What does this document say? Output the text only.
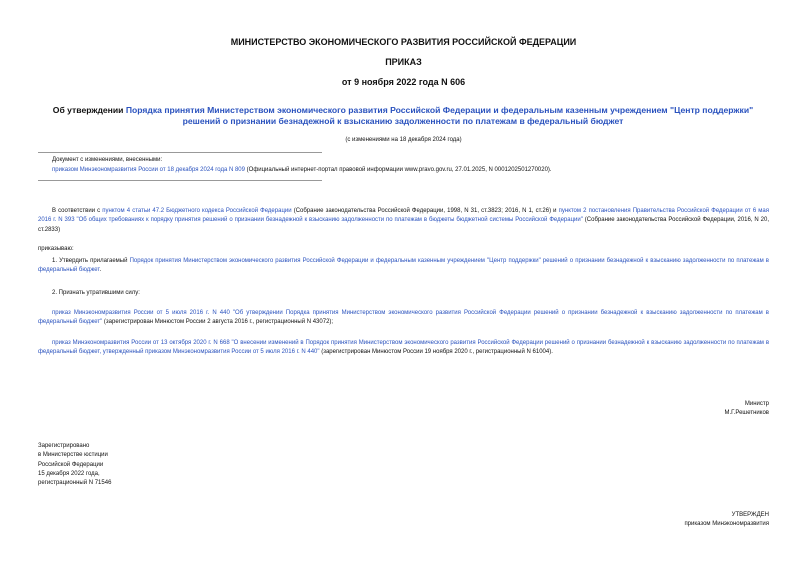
МИНИСТЕРСТВО ЭКОНОМИЧЕСКОГО РАЗВИТИЯ РОССИЙСКОЙ ФЕДЕРАЦИИ
ПРИКАЗ
от 9 ноября 2022 года N 606
Об утверждении Порядка принятия Министерством экономического развития Российской Федерации и федеральным казенным учреждением "Центр поддержки" решений о признании безнадежной к взысканию задолженности по платежам в федеральный бюджет
(с изменениями на 18 декабря 2024 года)
Документ с изменениями, внесенными:
приказом Минэкономразвития России от 18 декабря 2024 года N 809 (Официальный интернет-портал правовой информации www.pravo.gov.ru, 27.01.2025, N 0001202501270020).
В соответствии с пунктом 4 статьи 47.2 Бюджетного кодекса Российской Федерации (Собрание законодательства Российской Федерации, 1998, N 31, ст.3823; 2016, N 1, ст.26) и пунктом 2 постановления Правительства Российской Федерации от 6 мая 2016 г. N 393 "Об общих требованиях к порядку принятия решений о признании безнадежной к взысканию задолженности по платежам в бюджеты бюджетной системы Российской Федерации" (Собрание законодательства Российской Федерации, 2016, N 20, ст.2833)
приказываю:
1. Утвердить прилагаемый Порядок принятия Министерством экономического развития Российской Федерации и федеральным казенным учреждением "Центр поддержки" решений о признании безнадежной к взысканию задолженности по платежам в федеральный бюджет.
2. Признать утратившими силу:
приказ Минэкономразвития России от 5 июля 2016 г. N 440 "Об утверждении Порядка принятия Министерством экономического развития Российской Федерации решений о признании безнадежной к взысканию задолженности по платежам в федеральный бюджет" (зарегистрирован Минюстом России 2 августа 2016 г., регистрационный N 43072);
приказ Минэкономразвития России от 13 октября 2020 г. N 668 "О внесении изменений в Порядок принятия Министерством экономического развития Российской Федерации решений о признании безнадежной к взысканию задолженности по платежам в федеральный бюджет, утвержденный приказом Минэкономразвития России от 5 июля 2016 г. N 440" (зарегистрирован Минюстом России 19 ноября 2020 г., регистрационный N 61004).
Министр
М.Г.Решетников
Зарегистрировано
в Министерстве юстиции
Российской Федерации
15 декабря 2022 года,
регистрационный N 71546
УТВЕРЖДЕН
приказом Минэкономразвития
